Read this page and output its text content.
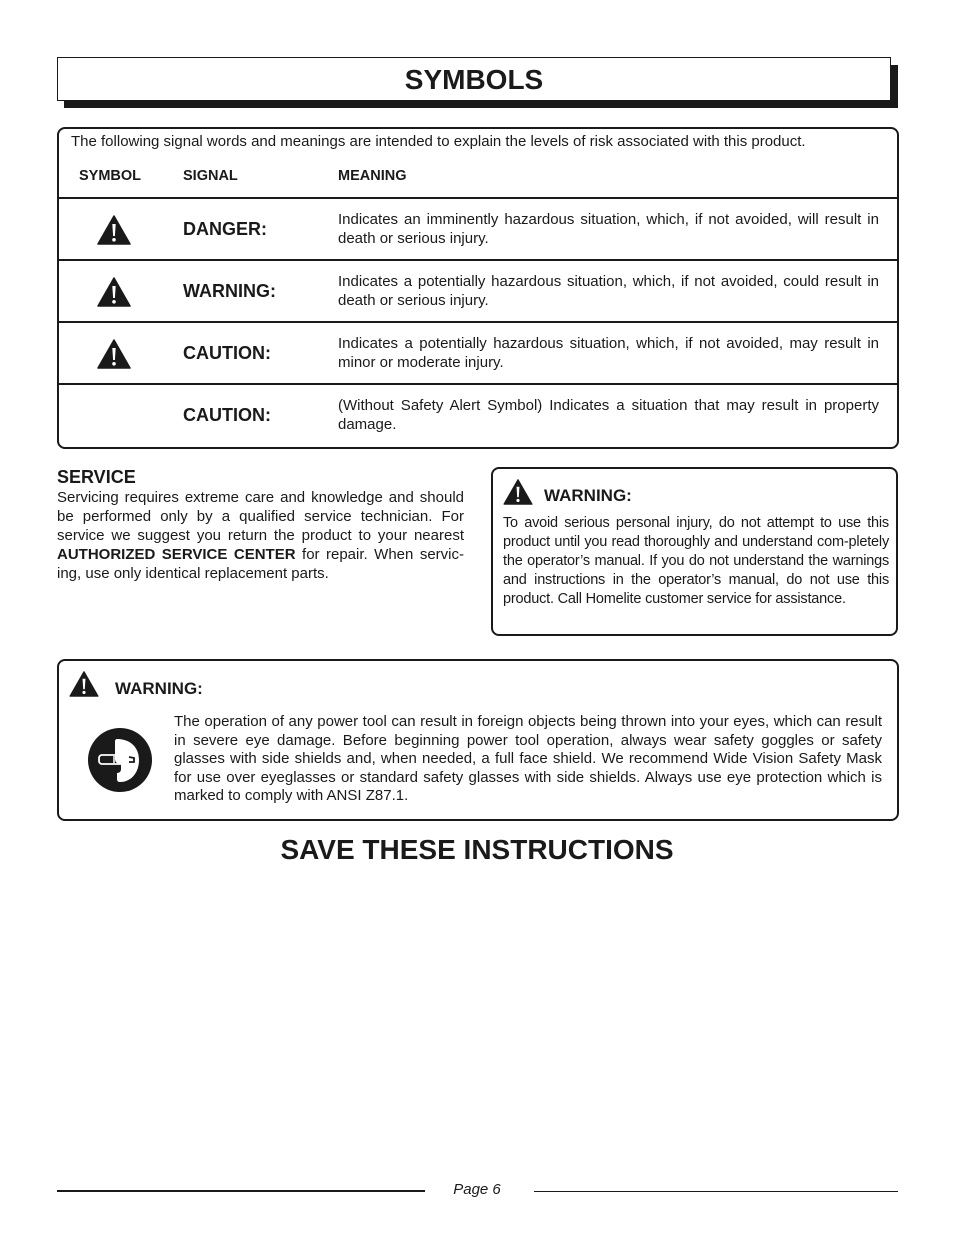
SYMBOLS
The following signal words and meanings are intended to explain the levels of risk associated with this product.
SYMBOL	SIGNAL	MEANING
DANGER:	Indicates an imminently hazardous situation, which, if not avoided, will result in death or serious injury.
WARNING:	Indicates a potentially hazardous situation, which, if not avoided, could result in death or serious injury.
CAUTION:	Indicates a potentially hazardous situation, which, if not avoided, may result in minor or moderate injury.
CAUTION:	(Without Safety Alert Symbol) Indicates a situation that may result in property damage.
SERVICE
Servicing requires extreme care and knowledge and should be performed only by a qualified service technician. For service we suggest you return the product to your nearest AUTHORIZED SERVICE CENTER for repair. When servic-ing, use only identical replacement parts.
WARNING:
To avoid serious personal injury, do not attempt to use this product until you read thoroughly and understand com-pletely the operator’s manual. If you do not understand the warnings and instructions in the operator’s manual, do not use this product. Call Homelite customer service for assistance.
WARNING:
The operation of any power tool can result in foreign objects being thrown into your eyes, which can result in severe eye damage. Before beginning power tool operation, always wear safety goggles or safety glasses with side shields and, when needed, a full face shield. We recommend Wide Vision Safety Mask for use over eyeglasses or standard safety glasses with side shields. Always use eye protection which is marked to comply with ANSI Z87.1.
SAVE THESE INSTRUCTIONS
Page 6
